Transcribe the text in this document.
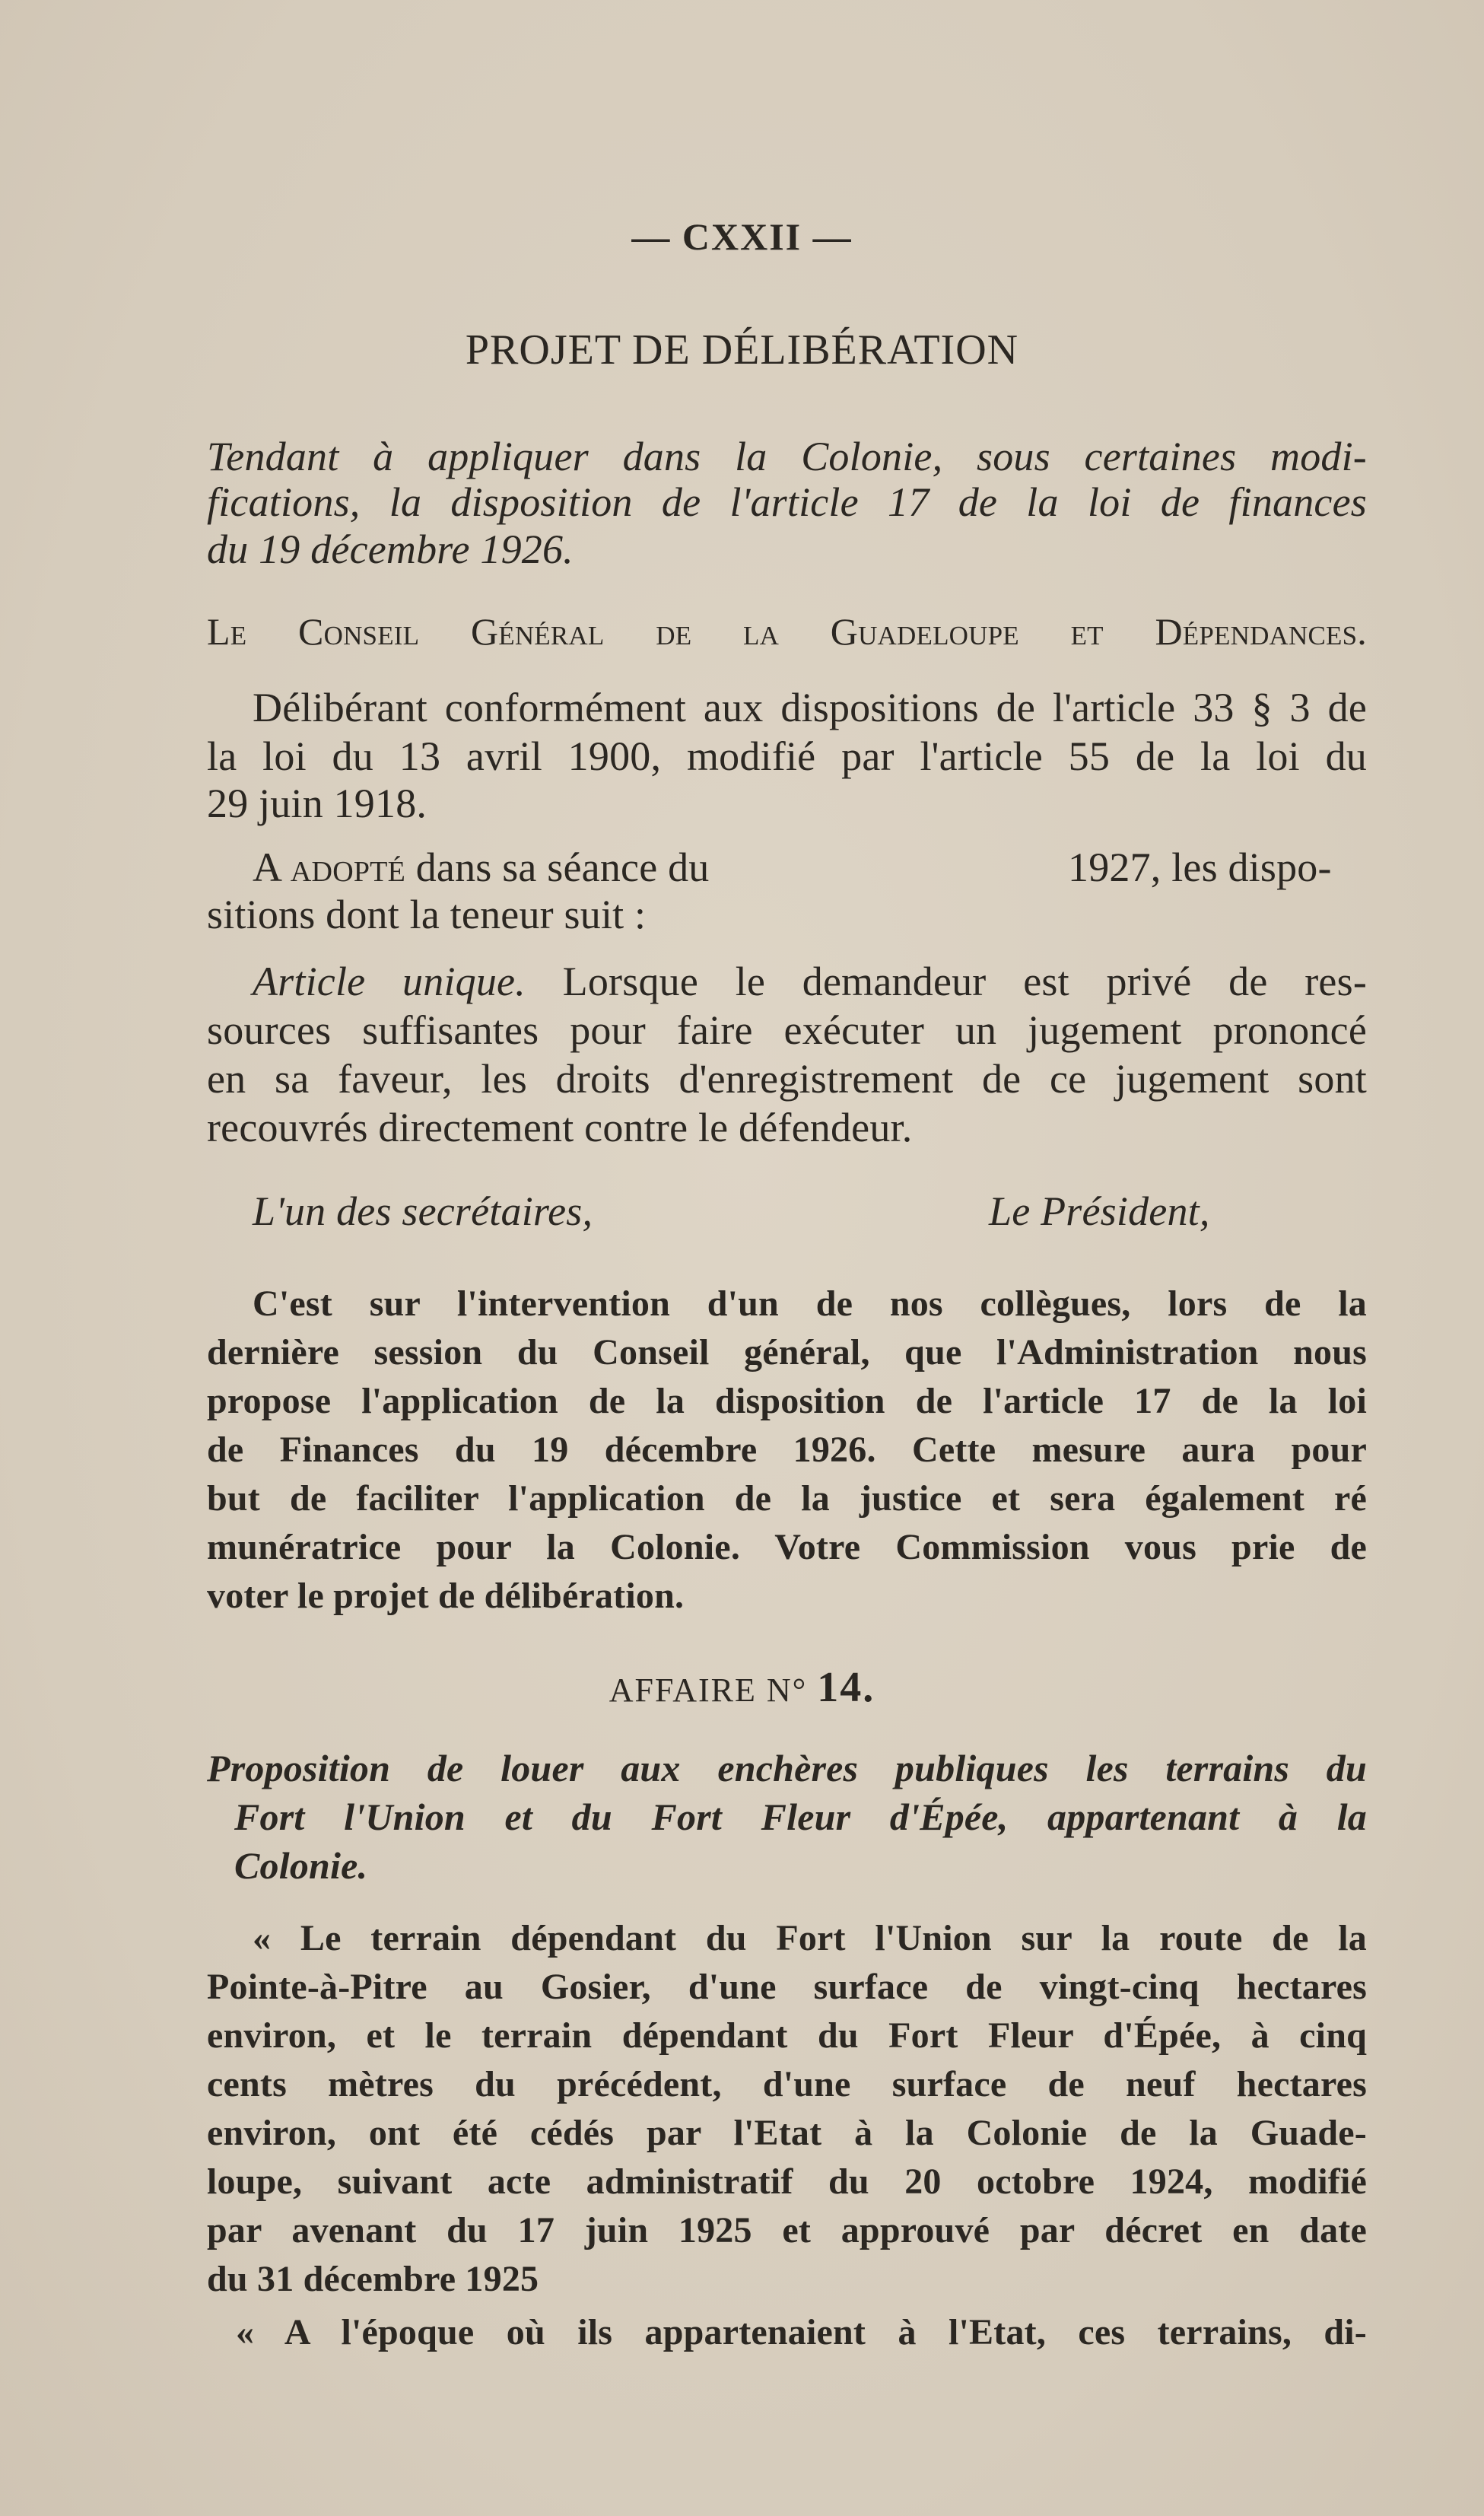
— CXXII —
PROJET DE DÉLIBÉRATION
Tendant à appliquer dans la Colonie, sous certaines modi-
fications, la disposition de l'article 17 de la loi de finances
du 19 décembre 1926.
Le Conseil Général de la Guadeloupe et Dépendances.
Délibérant conformément aux dispositions de l'article 33 § 3 de
la loi du 13 avril 1900, modifié par l'article 55 de la loi du
29 juin 1918.
A adopté dans sa séance du	1927, les dispo-
sitions dont la teneur suit :
Article unique. Lorsque le demandeur est privé de res-
sources suffisantes pour faire exécuter un jugement prononcé
en sa faveur, les droits d'enregistrement de ce jugement sont
recouvrés directement contre le défendeur.
L'un des secrétaires,	Le Président,
C'est sur l'intervention d'un de nos collègues, lors de la
dernière session du Conseil général, que l'Administration nous
propose l'application de la disposition de l'article 17 de la loi
de Finances du 19 décembre 1926. Cette mesure aura pour
but de faciliter l'application de la justice et sera également ré
munératrice pour la Colonie. Votre Commission vous prie de
voter le projet de délibération.
AFFAIRE N° 14.
Proposition de louer aux enchères publiques les terrains du
Fort l'Union et du Fort Fleur d'Épée, appartenant à la
Colonie.
« Le terrain dépendant du Fort l'Union sur la route de la
Pointe-à-Pitre au Gosier, d'une surface de vingt-cinq hectares
environ, et le terrain dépendant du Fort Fleur d'Épée, à cinq
cents mètres du précédent, d'une surface de neuf hectares
environ, ont été cédés par l'Etat à la Colonie de la Guade-
loupe, suivant acte administratif du 20 octobre 1924, modifié
par avenant du 17 juin 1925 et approuvé par décret en date
du 31 décembre 1925
« A l'époque où ils appartenaient à l'Etat, ces terrains, di-
